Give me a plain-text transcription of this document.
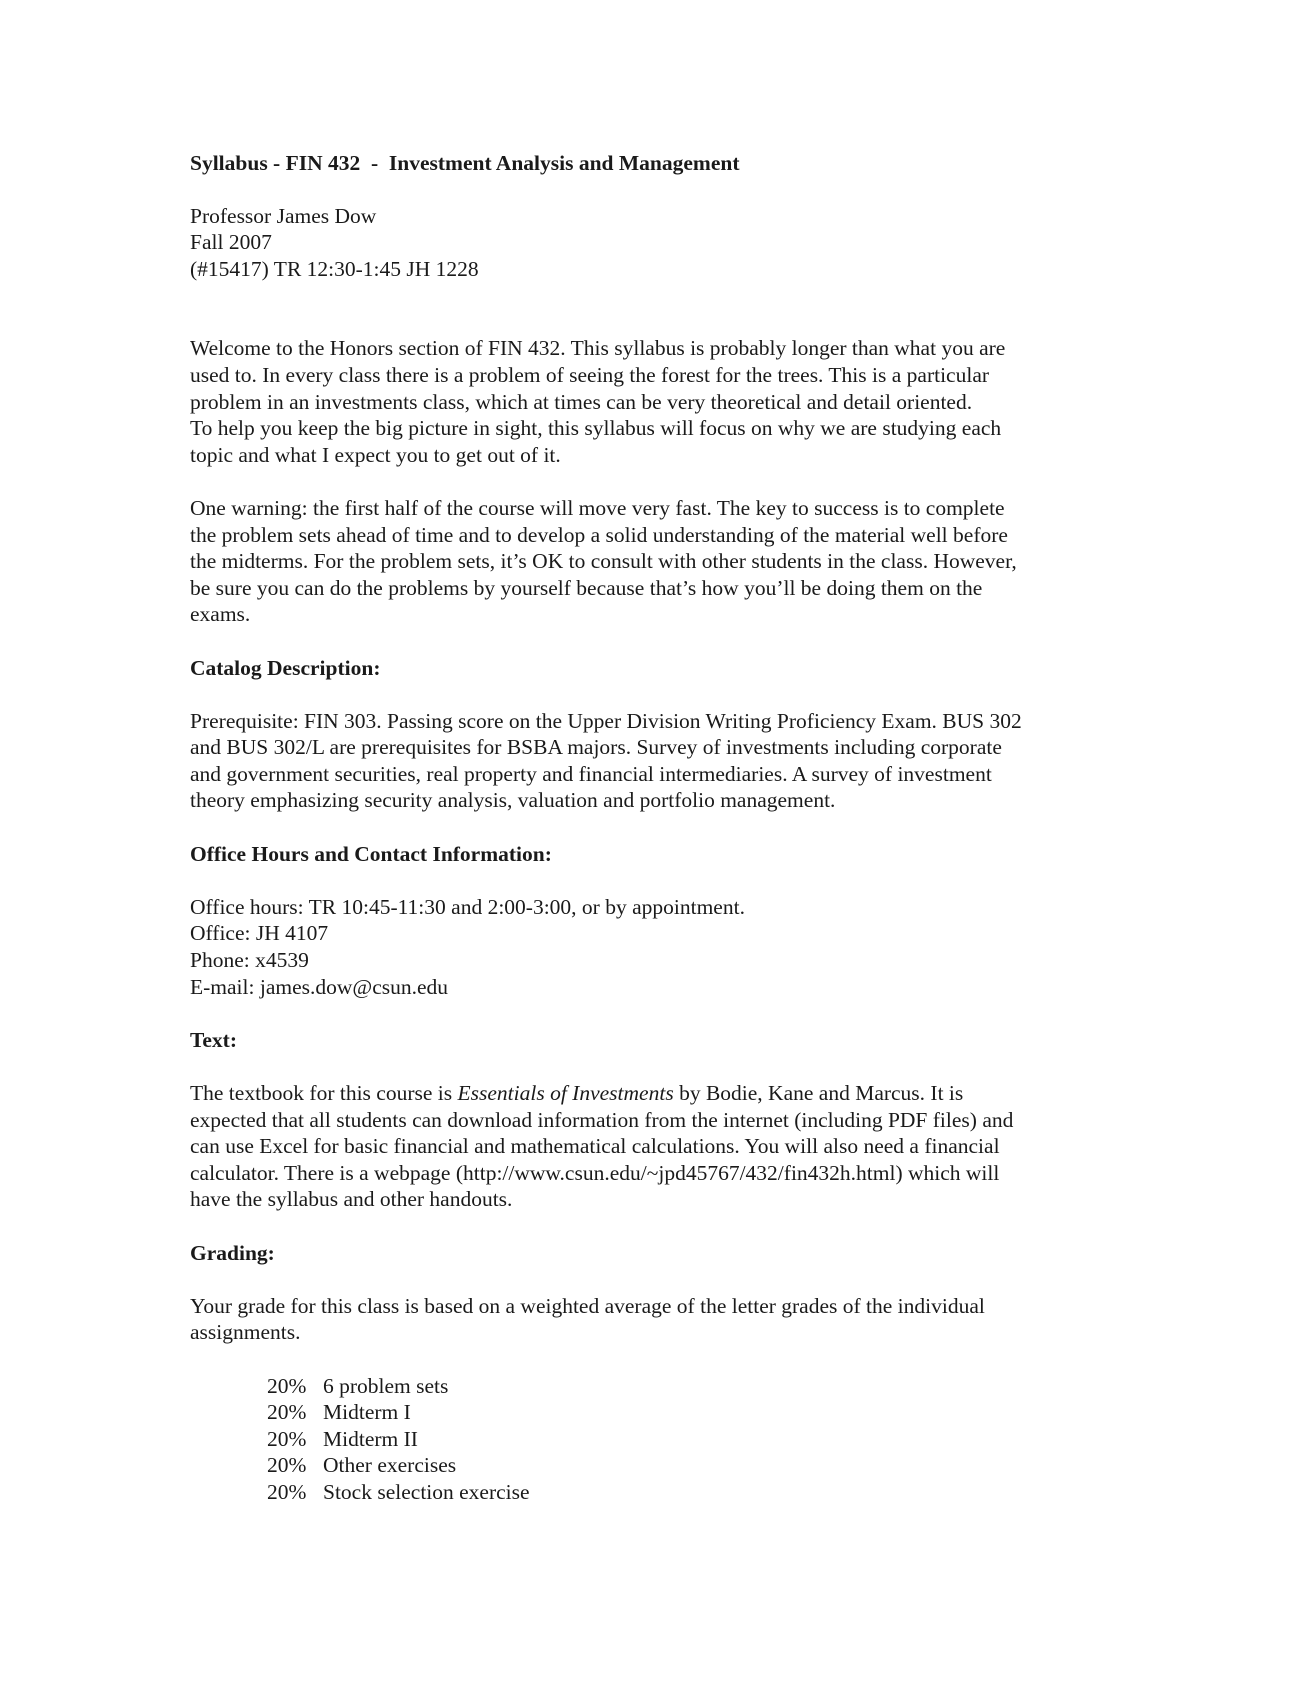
Syllabus - FIN 432  -  Investment Analysis and Management

Professor James Dow
Fall 2007
(#15417) TR 12:30-1:45 JH 1228
Welcome to the Honors section of FIN 432. This syllabus is probably longer than what you are
used to. In every class there is a problem of seeing the forest for the trees. This is a particular
problem in an investments class, which at times can be very theoretical and detail oriented.
To help you keep the big picture in sight, this syllabus will focus on why we are studying each
topic and what I expect you to get out of it.
One warning: the first half of the course will move very fast. The key to success is to complete
the problem sets ahead of time and to develop a solid understanding of the material well before
the midterms. For the problem sets, it’s OK to consult with other students in the class. However,
be sure you can do the problems by yourself because that’s how you’ll be doing them on the
exams.
Catalog Description:
Prerequisite: FIN 303. Passing score on the Upper Division Writing Proficiency Exam. BUS 302
and BUS 302/L are prerequisites for BSBA majors. Survey of investments including corporate
and government securities, real property and financial intermediaries. A survey of investment
theory emphasizing security analysis, valuation and portfolio management.
Office Hours and Contact Information:
Office hours: TR 10:45-11:30 and 2:00-3:00, or by appointment.
Office: JH 4107
Phone: x4539
E-mail: james.dow@csun.edu
Text:
The textbook for this course is Essentials of Investments by Bodie, Kane and Marcus. It is
expected that all students can download information from the internet (including PDF files) and
can use Excel for basic financial and mathematical calculations. You will also need a financial
calculator. There is a webpage (http://www.csun.edu/~jpd45767/432/fin432h.html) which will
have the syllabus and other handouts.
Grading:
Your grade for this class is based on a weighted average of the letter grades of the individual
assignments.
20% 6 problem sets
20% Midterm I
20% Midterm II
20% Other exercises
20% Stock selection exercise
